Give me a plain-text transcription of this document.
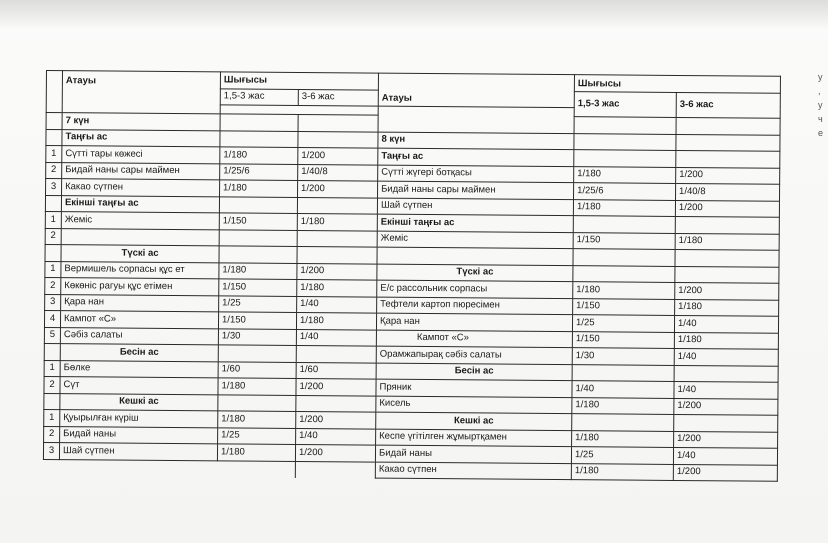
у
,
у
ч
е
	Атауы	Шығысы		Атауы	Шығысы	
		1,5-3 жас	3-6 жас		1,5-3 жас	3-6 жас

	7 күн					
	Таңғы ас			8 күн		
1	Сүтті тары көжесі	1/180	1/200	Таңғы ас		
2	Бидай наны сары маймен	1/25/6	1/40/8	Сүтті жүгері ботқасы	1/180	1/200
3	Какао сүтпен	1/180	1/200	Бидай наны сары маймен	1/25/6	1/40/8
	Екінші таңғы ас			Шай сүтпен	1/180	1/200
1	Жеміс	1/150	1/180	Екінші таңғы ас		
2				Жеміс	1/150	1/180
	Түскі ас					
1	Вермишель сорпасы құс ет	1/180	1/200	Түскі ас		
2	Көкөніс рагуы құс етімен	1/150	1/180	Е/с рассольник сорпасы	1/180	1/200
3	Қара нан	1/25	1/40	Тефтели картоп пюресімен	1/150	1/180
4	Кампот «С»	1/150	1/180	Қара нан	1/25	1/40
5	Сәбіз салаты	1/30	1/40	Кампот «С»	1/150	1/180
	Бесін ас			Орамжапырақ сәбіз салаты	1/30	1/40
1	Бөлке	1/60	1/60	Бесін ас		
2	Сүт	1/180	1/200	Пряник	1/40	1/40
	Кешкі ас			Кисель	1/180	1/200
1	Қуырылған күріш	1/180	1/200	Кешкі ас		
2	Бидай наны	1/25	1/40	Кеспе үгітілген жұмыртқамен	1/180	1/200
3	Шай сүтпен	1/180	1/200	Бидай наны	1/25	1/40
				Какао сүтпен	1/180	1/200
